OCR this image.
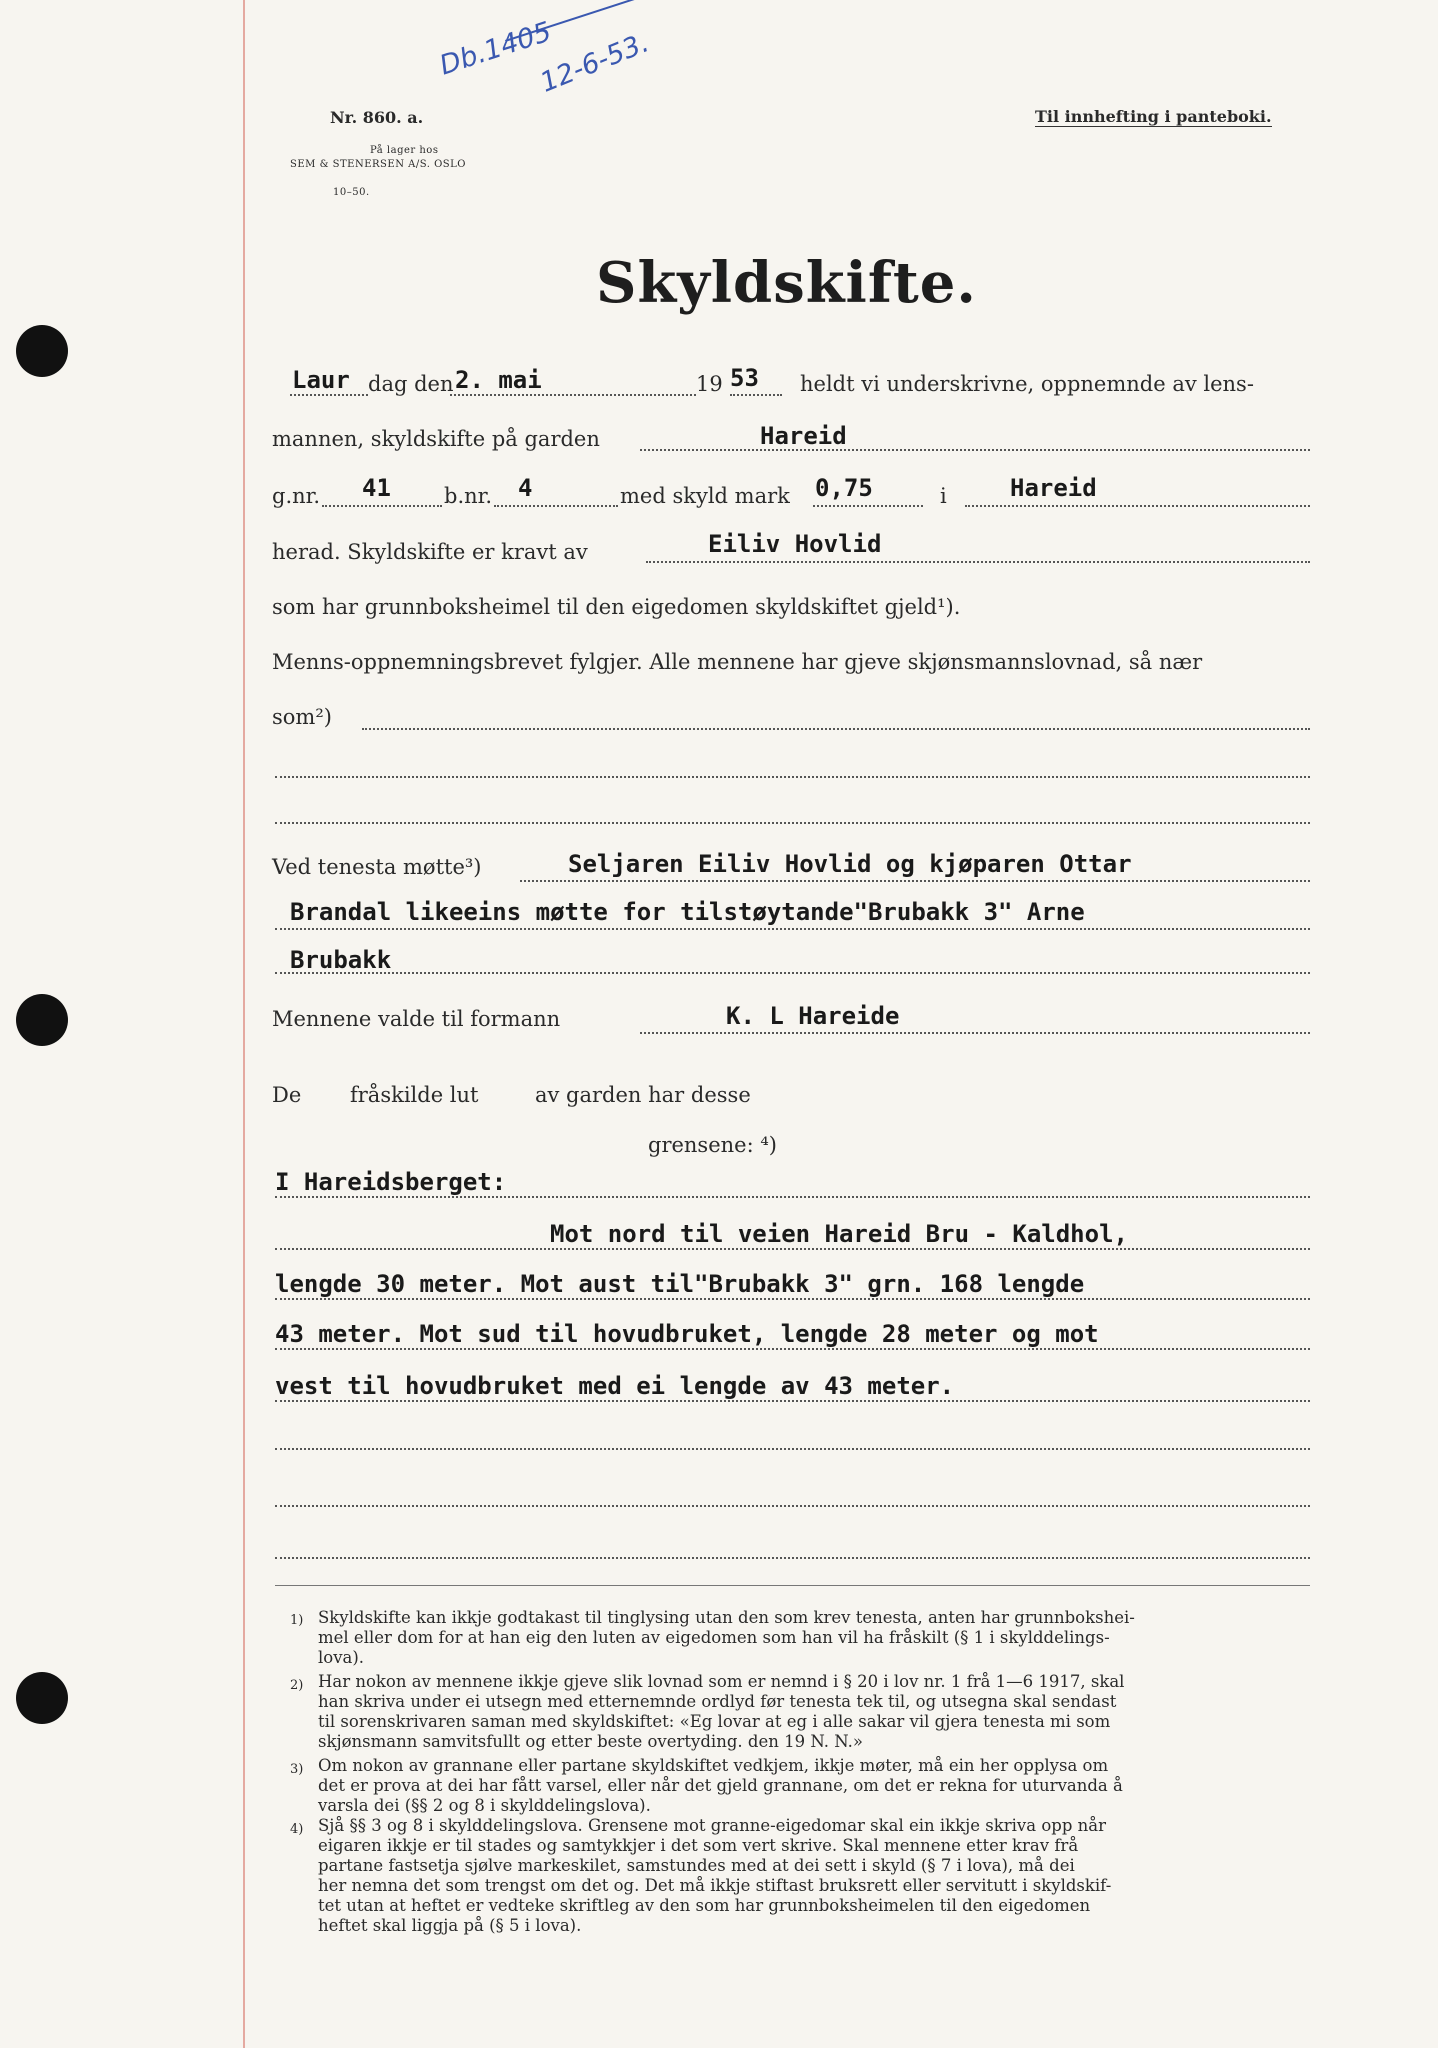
Nr. 860. a.
På lager hos
SEM & STENERSEN A/S. OSLO
10–50.
Til innhefting i panteboki.
Db.1405
12-6-53.
Skyldskifte.
Laur dag den 2. mai	19 53 heldt vi underskrivne, oppnemnde av lens-
mannen, skyldskifte på garden	Hareid
g.nr. 41	b.nr. 4	med skyld mark 0,75	i	Hareid
herad. Skyldskifte er kravt av	Eiliv Hovlid
som har grunnboksheimel til den eigedomen skyldskiftet gjeld¹).
Menns-oppnemningsbrevet fylgjer. Alle mennene har gjeve skjønsmannslovnad, så nær
som²)
Ved tenesta møtte³)	Seljaren Eiliv Hovlid og kjøparen Ottar
Brandal likeeins møtte for tilstøytande"Brubakk 3" Arne
Brubakk
Mennene valde til formann	K. L Hareide
De fråskilde lut	av garden har desse
grensene: ⁴)
I Hareidsberget:
Mot nord til veien Hareid Bru - Kaldhol,
lengde 30 meter. Mot aust til"Brubakk 3" grn. 168 lengde
43 meter. Mot sud til hovudbruket, lengde 28 meter og mot
vest til hovudbruket med ei lengde av 43 meter.
1) Skyldskifte kan ikkje godtakast til tinglysing utan den som krev tenesta, anten har grunnbokshei-
mel eller dom for at han eig den luten av eigedomen som han vil ha fråskilt (§ 1 i skylddelings-
lova).
2) Har nokon av mennene ikkje gjeve slik lovnad som er nemnd i § 20 i lov nr. 1 frå 1—6 1917, skal
han skriva under ei utsegn med etternemnde ordlyd før tenesta tek til, og utsegna skal sendast
til sorenskrivaren saman med skyldskiftet: «Eg lovar at eg i alle sakar vil gjera tenesta mi som
skjønsmann samvitsfullt og etter beste overtyding. den 19 N. N.»
3) Om nokon av grannane eller partane skyldskiftet vedkjem, ikkje møter, må ein her opplysa om
det er prova at dei har fått varsel, eller når det gjeld grannane, om det er rekna for uturvanda å
varsla dei (§§ 2 og 8 i skylddelingslova).
4) Sjå §§ 3 og 8 i skylddelingslova. Grensene mot granne-eigedomar skal ein ikkje skriva opp når
eigaren ikkje er til stades og samtykkjer i det som vert skrive. Skal mennene etter krav frå
partane fastsetja sjølve markeskilet, samstundes med at dei sett i skyld (§ 7 i lova), må dei
her nemna det som trengst om det og. Det må ikkje stiftast bruksrett eller servitutt i skyldskif-
tet utan at heftet er vedteke skriftleg av den som har grunnboksheimelen til den eigedomen
heftet skal liggja på (§ 5 i lova).
